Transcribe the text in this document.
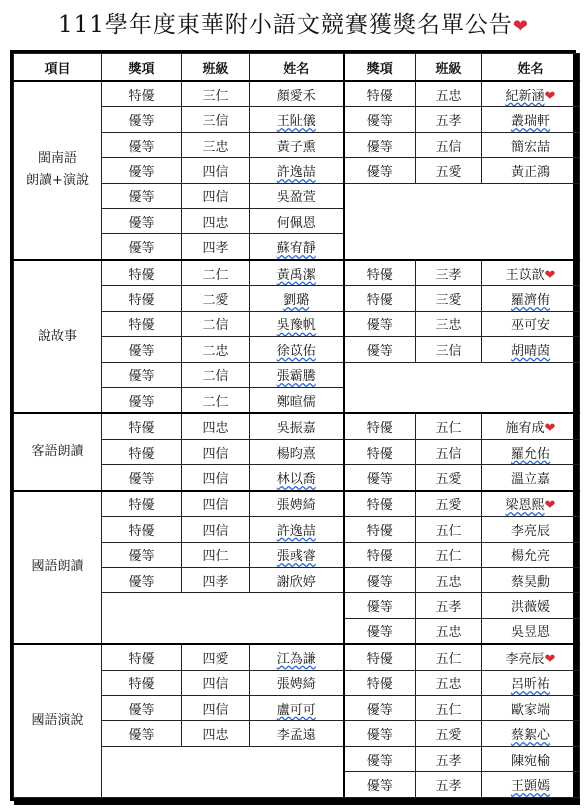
111學年度東華附小語文競賽獲獎名單公告❤
項目	獎項	班級	姓名	獎項	班級	姓名

閩南語
朗讀+演說	特優	三仁	顏愛禾	特優	五忠	紀新涵❤
	優等	三信	王阯儀	優等	五孝	叢瑞軒
	優等	三忠	黃子熏	優等	五信	簡宏喆
	優等	四信	許逸喆	優等	五愛	黃正鴻
	優等	四信	吳盈萱			
	優等	四忠	何佩恩			
	優等	四孝	蘇宥靜			

說故事	特優	二仁	黃禹潔	特優	三孝	王苡歆❤
	特優	二愛	劉璐	特優	三愛	羅濟侑
	特優	二信	吳豫帆	優等	三忠	巫可安
	優等	二忠	徐苡佑	優等	三信	胡晴茵
	優等	二信	張霸騰			
	優等	二仁	鄭暄儒			

客語朗讀	特優	四忠	吳振嘉	特優	五仁	施宥成❤
	特優	四信	楊昀熹	特優	五信	羅允佑
	優等	四信	林以喬	優等	五愛	溫立嘉

國語朗讀	特優	四信	張娉綺	特優	五愛	梁恩熙❤
	特優	四信	許逸喆	特優	五仁	李亮辰
	優等	四仁	張彧睿	特優	五仁	楊允亮
	優等	四孝	謝欣婷	優等	五忠	蔡昊勳
				優等	五孝	洪薇媛
				優等	五忠	吳昱恩

國語演說	特優	四愛	江為謙	特優	五仁	李亮辰❤
	特優	四信	張娉綺	特優	五忠	呂昕祐
	優等	四信	盧可可	優等	五仁	歐家端
	優等	四忠	李孟遠	優等	五愛	蔡絮心
				優等	五孝	陳宛榆
				優等	五孝	王顗嫣
